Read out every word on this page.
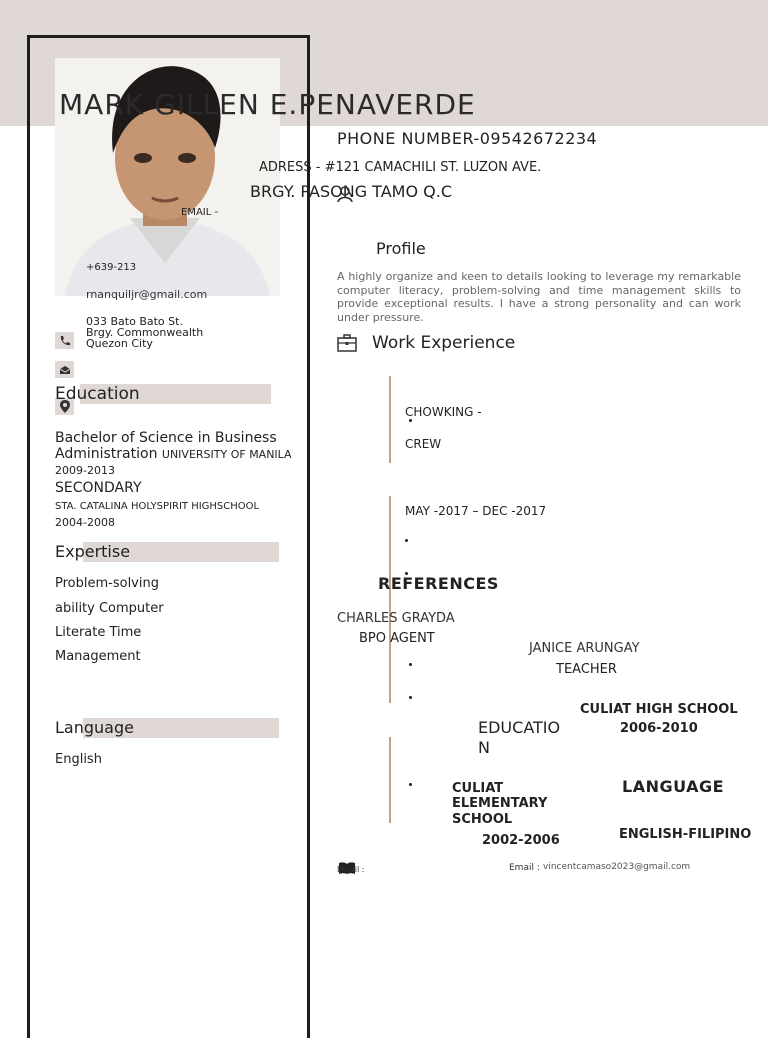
MARK GILLEN E.PENAVERDE
PHONE NUMBER-09542672234
ADRESS - #121 CAMACHILI ST. LUZON AVE.
BRGY. PASONG TAMO Q.C
EMAIL -
+639-213
rnanquiljr@gmail.com
033 Bato Bato St.
Brgy. Commonwealth
Quezon City
Education
Bachelor of Science in Business
Administration UNIVERSITY OF MANILA
2009-2013
SECONDARY
STA. CATALINA HOLYSPIRIT HIGHSCHOOL
2004-2008
Expertise
Problem-solving
ability Computer
Literate Time
Management
Language
English
Profile
A highly organize and keen to details looking to leverage my remarkable computer literacy, problem-solving and time management skills to provide exceptional results. I have a strong personality and can work under pressure.
Work Experience
CHOWKING -
CREW
MAY -2017 – DEC -2017
REFERENCES
CHARLES GRAYDA
BPO AGENT
JANICE ARUNGAY
TEACHER
EDUCATIO
N
CULIAT HIGH SCHOOL
2006-2010
CULIAT
ELEMENTARY
SCHOOL
2002-2006
LANGUAGE
ENGLISH-FILIPINO
Email :	Email : vincentcamaso2023@gmail.com
